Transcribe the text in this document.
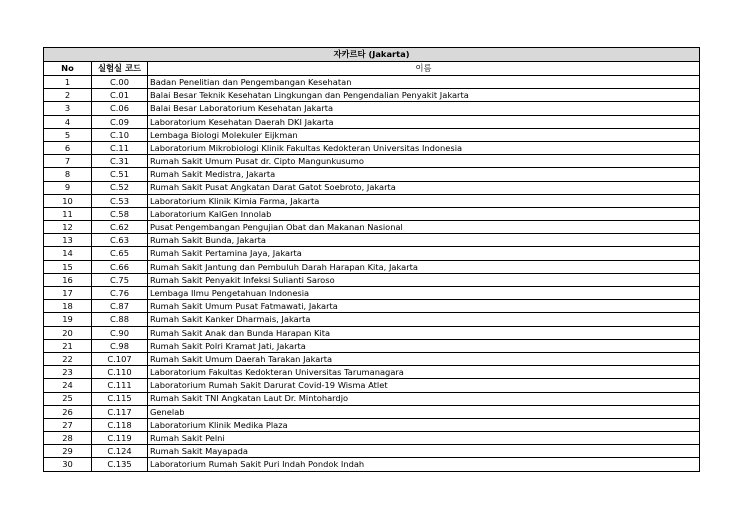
자카르타 (Jakarta)		
No	실험실 코드	이름
1	C.00	Badan Penelitian dan Pengembangan Kesehatan
2	C.01	Balai Besar Teknik Kesehatan Lingkungan dan Pengendalian Penyakit Jakarta
3	C.06	Balai Besar Laboratorium Kesehatan Jakarta
4	C.09	Laboratorium Kesehatan Daerah DKI Jakarta
5	C.10	Lembaga Biologi Molekuler Eijkman
6	C.11	Laboratorium Mikrobiologi Klinik Fakultas Kedokteran Universitas Indonesia
7	C.31	Rumah Sakit Umum Pusat dr. Cipto Mangunkusumo
8	C.51	Rumah Sakit Medistra, Jakarta
9	C.52	Rumah Sakit Pusat Angkatan Darat Gatot Soebroto, Jakarta
10	C.53	Laboratorium Klinik Kimia Farma, Jakarta
11	C.58	Laboratorium KalGen Innolab
12	C.62	Pusat Pengembangan Pengujian Obat dan Makanan Nasional
13	C.63	Rumah Sakit Bunda, Jakarta
14	C.65	Rumah Sakit Pertamina Jaya, Jakarta
15	C.66	Rumah Sakit Jantung dan Pembuluh Darah Harapan Kita, Jakarta
16	C.75	Rumah Sakit Penyakit Infeksi Sulianti Saroso
17	C.76	Lembaga Ilmu Pengetahuan Indonesia
18	C.87	Rumah Sakit Umum Pusat Fatmawati, Jakarta
19	C.88	Rumah Sakit Kanker Dharmais, Jakarta
20	C.90	Rumah Sakit Anak dan Bunda Harapan Kita
21	C.98	Rumah Sakit Polri Kramat Jati, Jakarta
22	C.107	Rumah Sakit Umum Daerah Tarakan Jakarta
23	C.110	Laboratorium Fakultas Kedokteran Universitas Tarumanagara
24	C.111	Laboratorium Rumah Sakit Darurat Covid-19 Wisma Atlet
25	C.115	Rumah Sakit TNI Angkatan Laut Dr. Mintohardjo
26	C.117	Genelab
27	C.118	Laboratorium Klinik Medika Plaza
28	C.119	Rumah Sakit Pelni
29	C.124	Rumah Sakit Mayapada
30	C.135	Laboratorium Rumah Sakit Puri Indah Pondok Indah
